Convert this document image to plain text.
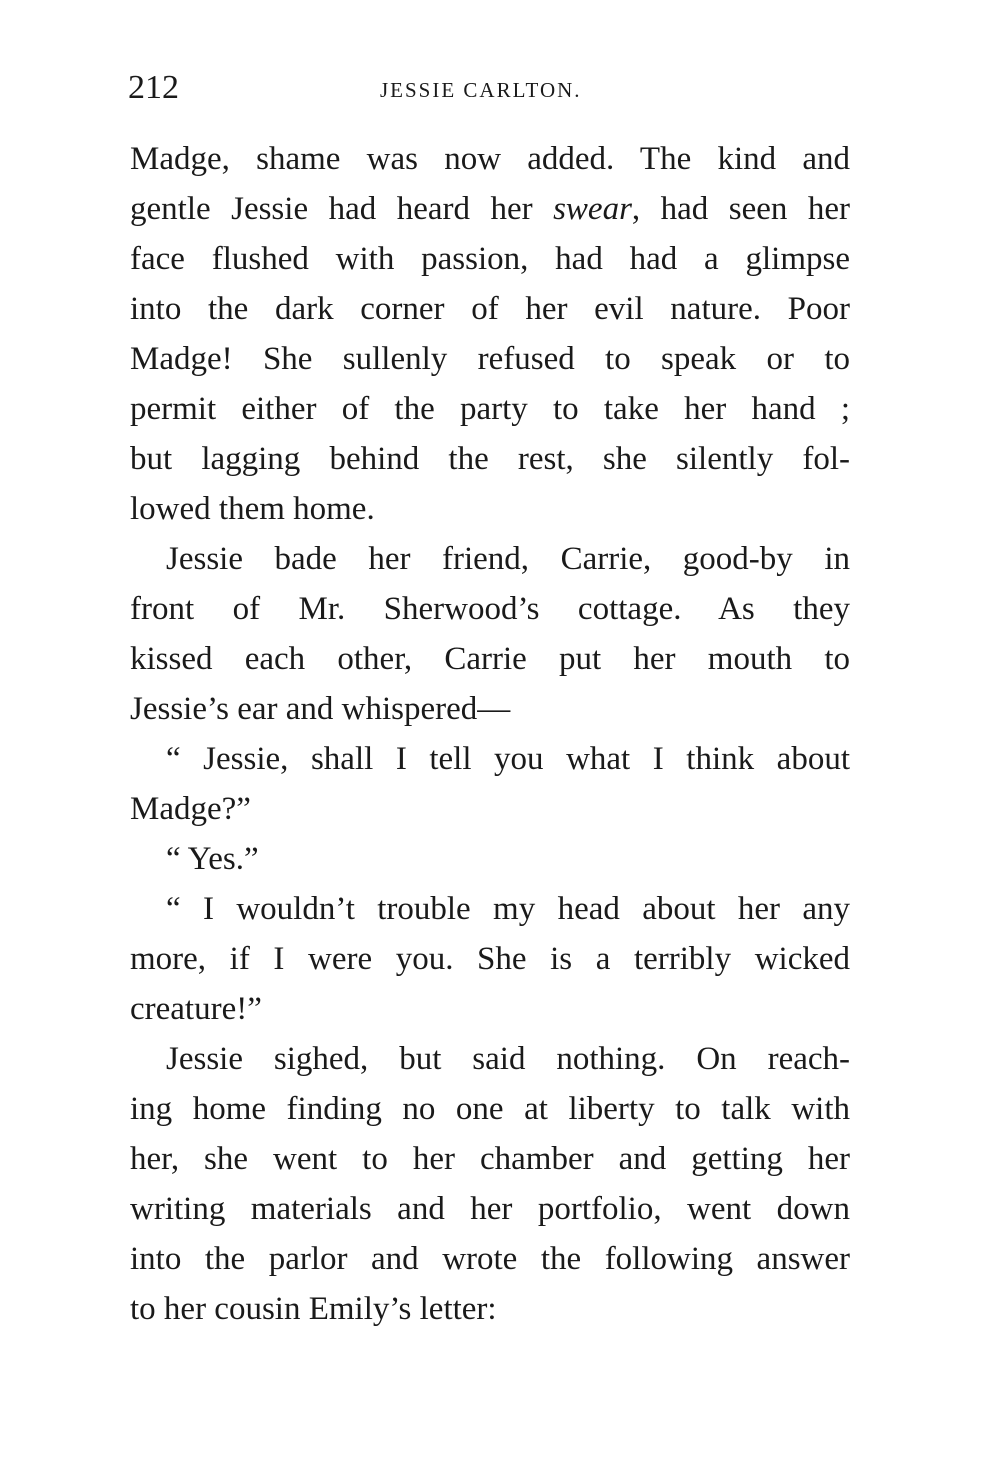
212	JESSIE CARLTON.
Madge, shame was now added. The kind and
gentle Jessie had heard her swear, had seen her
face flushed with passion, had had a glimpse
into the dark corner of her evil nature. Poor
Madge! She sullenly refused to speak or to
permit either of the party to take her hand ;
but lagging behind the rest, she silently fol-
lowed them home.
Jessie bade her friend, Carrie, good-by in
front of Mr. Sherwood’s cottage. As they
kissed each other, Carrie put her mouth to
Jessie’s ear and whispered—
“ Jessie, shall I tell you what I think about
Madge?”
“ Yes.”
“ I wouldn’t trouble my head about her any
more, if I were you. She is a terribly wicked
creature!”
Jessie sighed, but said nothing. On reach-
ing home finding no one at liberty to talk with
her, she went to her chamber and getting her
writing materials and her portfolio, went down
into the parlor and wrote the following answer
to her cousin Emily’s letter:
